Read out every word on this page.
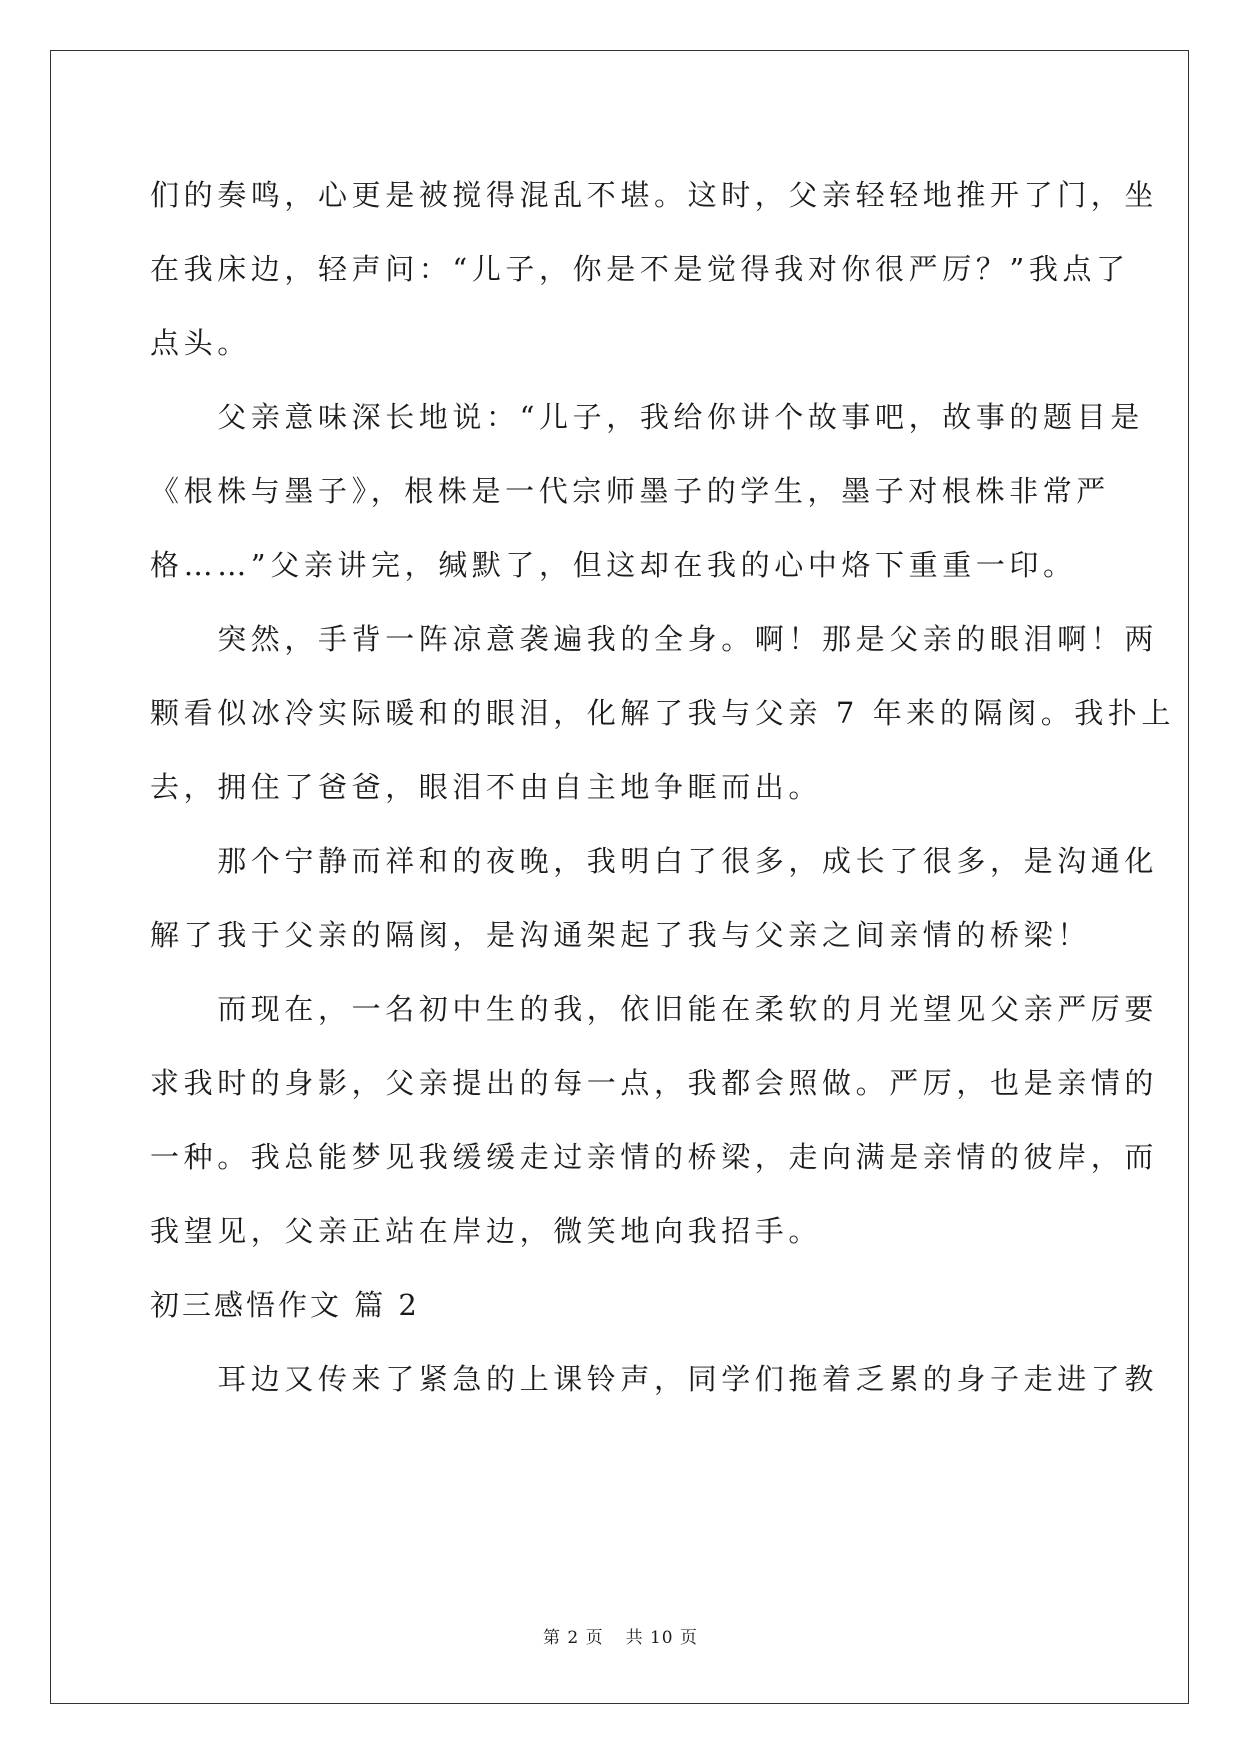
们的奏鸣，心更是被搅得混乱不堪。这时，父亲轻轻地推开了门，坐
在我床边，轻声问：“儿子，你是不是觉得我对你很严厉？”我点了
点头。
　　父亲意味深长地说：“儿子，我给你讲个故事吧，故事的题目是
《根株与墨子》，根株是一代宗师墨子的学生，墨子对根株非常严
格……”父亲讲完，缄默了，但这却在我的心中烙下重重一印。
　　突然，手背一阵凉意袭遍我的全身。啊！那是父亲的眼泪啊！两
颗看似冰冷实际暖和的眼泪，化解了我与父亲 7 年来的隔阂。我扑上
去，拥住了爸爸，眼泪不由自主地争眶而出。
　　那个宁静而祥和的夜晚，我明白了很多，成长了很多，是沟通化
解了我于父亲的隔阂，是沟通架起了我与父亲之间亲情的桥梁！
　　而现在，一名初中生的我，依旧能在柔软的月光望见父亲严厉要
求我时的身影，父亲提出的每一点，我都会照做。严厉，也是亲情的
一种。我总能梦见我缓缓走过亲情的桥梁，走向满是亲情的彼岸，而
我望见，父亲正站在岸边，微笑地向我招手。
初三感悟作文 篇 2
　　耳边又传来了紧急的上课铃声，同学们拖着乏累的身子走进了教
第 2 页 共 10 页
